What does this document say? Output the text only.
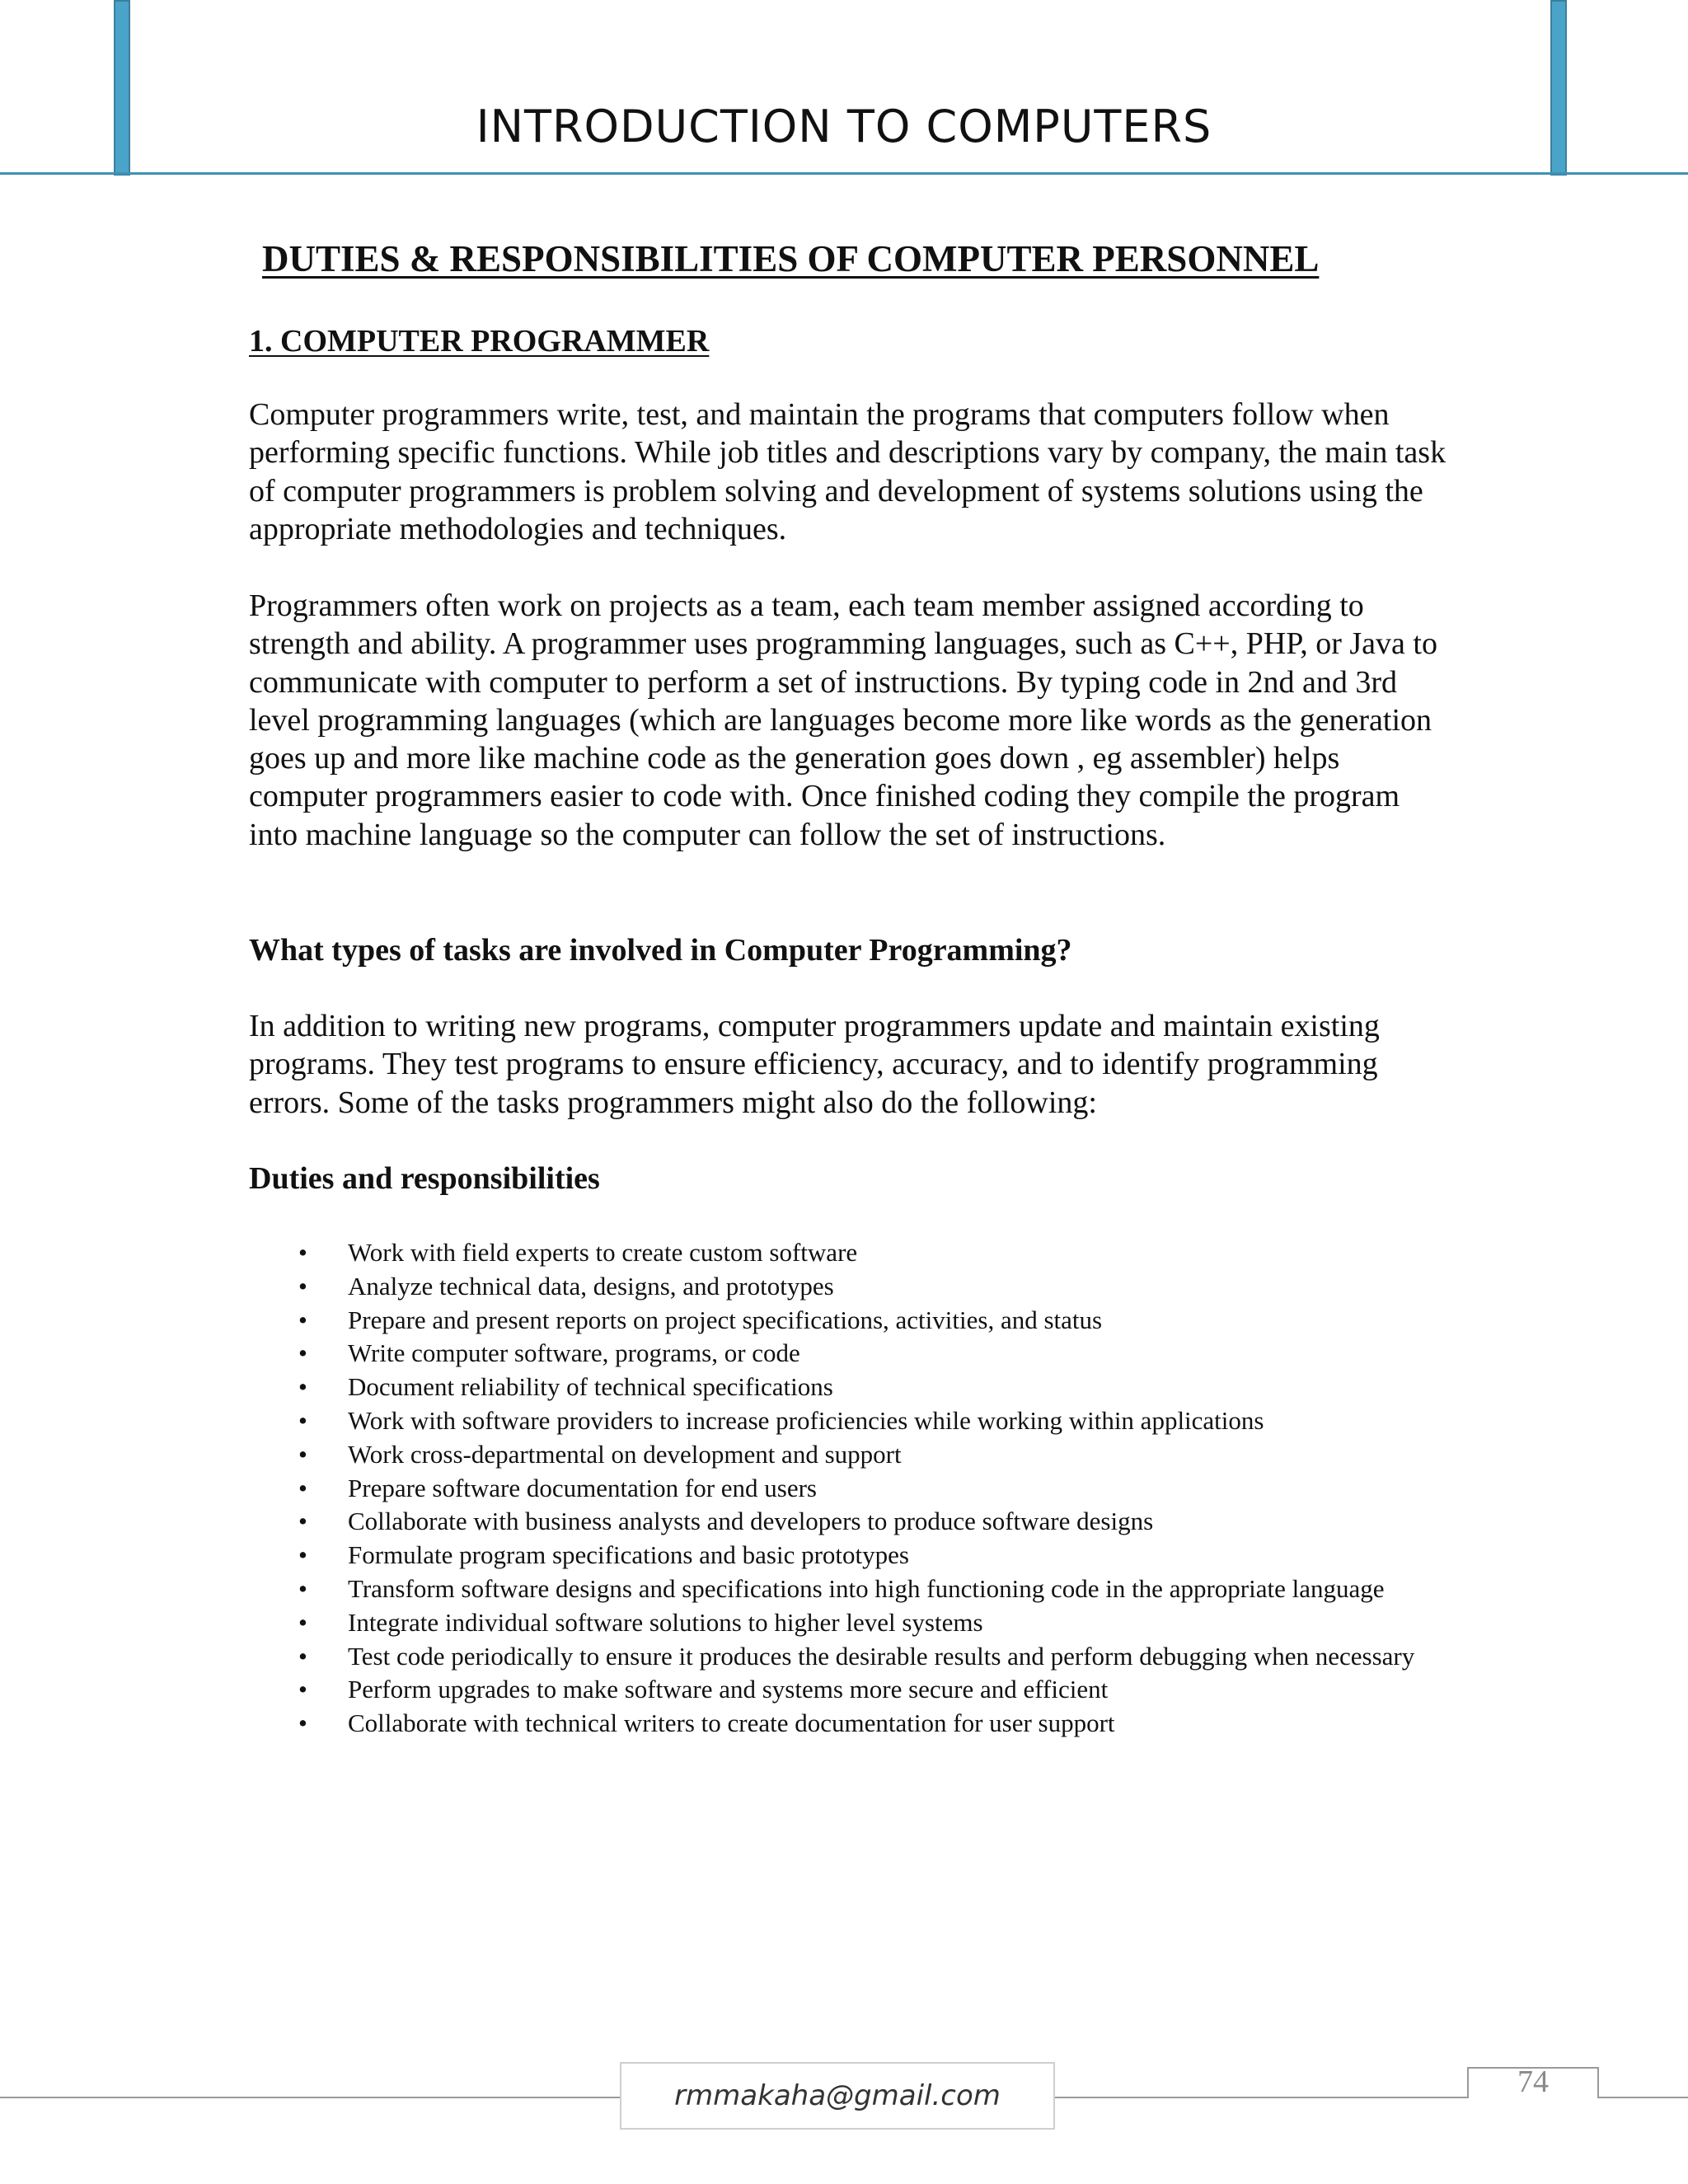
INTRODUCTION TO COMPUTERS
DUTIES & RESPONSIBILITIES OF COMPUTER PERSONNEL
1. COMPUTER PROGRAMMER

Computer programmers write, test, and maintain the programs that computers follow when performing specific functions. While job titles and descriptions vary by company, the main task of computer programmers is problem solving and development of systems solutions using the appropriate methodologies and techniques.

Programmers often work on projects as a team, each team member assigned according to strength and ability. A programmer uses programming languages, such as C++, PHP, or Java to communicate with computer to perform a set of instructions. By typing code in 2nd and 3rd level programming languages (which are languages become more like words as the generation goes up and more like machine code as the generation goes down , eg assembler) helps computer programmers easier to code with. Once finished coding they compile the program into machine language so the computer can follow the set of instructions.

What types of tasks are involved in Computer Programming?

In addition to writing new programs, computer programmers update and maintain existing programs. They test programs to ensure efficiency, accuracy, and to identify programming errors. Some of the tasks programmers might also do the following:

Duties and responsibilities

• Work with field experts to create custom software
• Analyze technical data, designs, and prototypes
• Prepare and present reports on project specifications, activities, and status
• Write computer software, programs, or code
• Document reliability of technical specifications
• Work with software providers to increase proficiencies while working within applications
• Work cross-departmental on development and support
• Prepare software documentation for end users
• Collaborate with business analysts and developers to produce software designs
• Formulate program specifications and basic prototypes
• Transform software designs and specifications into high functioning code in the appropriate language
• Integrate individual software solutions to higher level systems
• Test code periodically to ensure it produces the desirable results and perform debugging when necessary
• Perform upgrades to make software and systems more secure and efficient
• Collaborate with technical writers to create documentation for user support
rmmakaha@gmail.com	74
